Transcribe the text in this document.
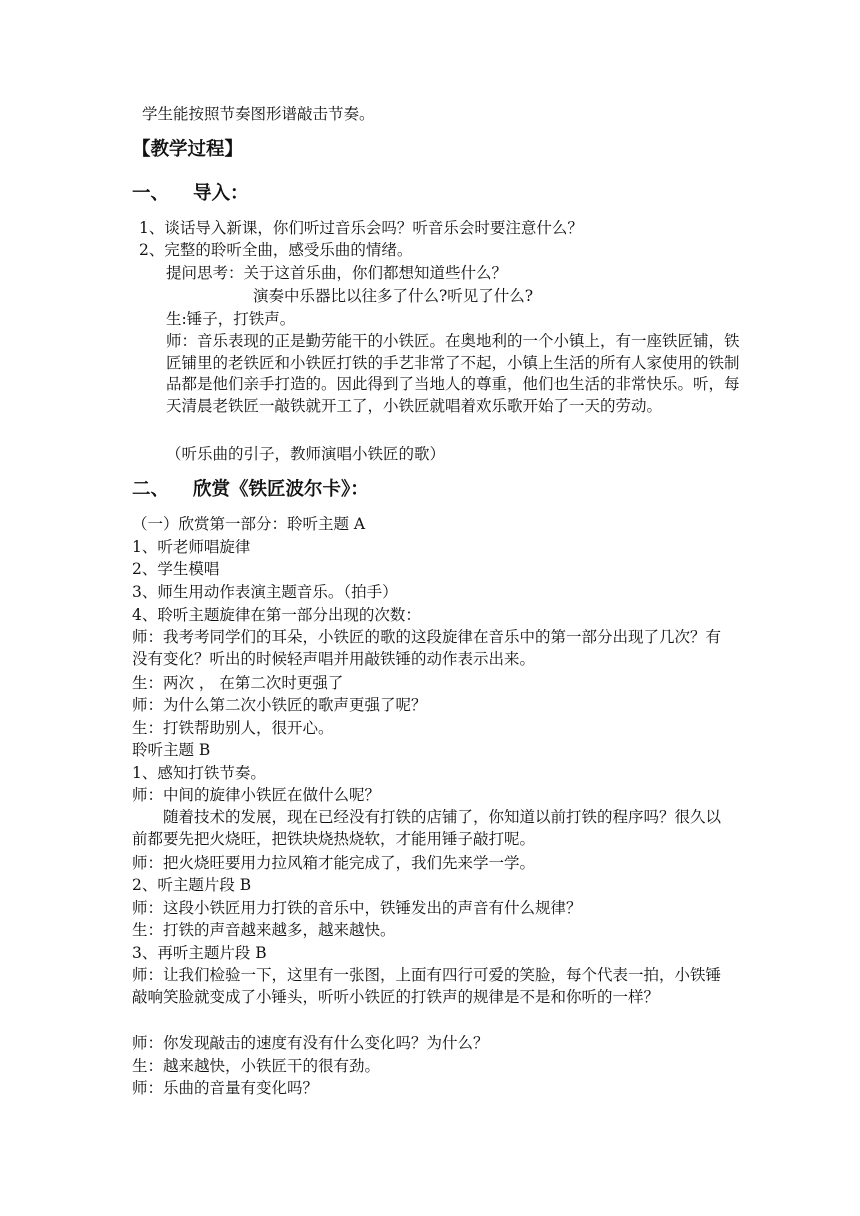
学生能按照节奏图形谱敲击节奏。
【教学过程】
一、 导入：
1、谈话导入新课，你们听过音乐会吗？听音乐会时要注意什么？
2、完整的聆听全曲，感受乐曲的情绪。
提问思考：关于这首乐曲，你们都想知道些什么？
演奏中乐器比以往多了什么?听见了什么?
生:锤子，打铁声。
师：音乐表现的正是勤劳能干的小铁匠。在奥地利的一个小镇上，有一座铁匠铺，铁匠铺里的老铁匠和小铁匠打铁的手艺非常了不起，小镇上生活的所有人家使用的铁制品都是他们亲手打造的。因此得到了当地人的尊重，他们也生活的非常快乐。听，每天清晨老铁匠一敲铁就开工了，小铁匠就唱着欢乐歌开始了一天的劳动。
（听乐曲的引子，教师演唱小铁匠的歌）
二、 欣赏《铁匠波尔卡》：
（一）欣赏第一部分：聆听主题 A
1、听老师唱旋律
2、学生模唱
3、师生用动作表演主题音乐。（拍手）
4、聆听主题旋律在第一部分出现的次数：
师：我考考同学们的耳朵，小铁匠的歌的这段旋律在音乐中的第一部分出现了几次？有没有变化？听出的时候轻声唱并用敲铁锤的动作表示出来。
生：两次 ， 在第二次时更强了
师：为什么第二次小铁匠的歌声更强了呢？
生：打铁帮助别人，很开心。
聆听主题 B
1、感知打铁节奏。
师：中间的旋律小铁匠在做什么呢？
随着技术的发展，现在已经没有打铁的店铺了，你知道以前打铁的程序吗？很久以前都要先把火烧旺，把铁块烧热烧软，才能用锤子敲打呢。
师：把火烧旺要用力拉风箱才能完成了，我们先来学一学。
2、听主题片段 B
师：这段小铁匠用力打铁的音乐中，铁锤发出的声音有什么规律？
生：打铁的声音越来越多，越来越快。
3、再听主题片段 B
师：让我们检验一下，这里有一张图，上面有四行可爱的笑脸，每个代表一拍，小铁锤敲响笑脸就变成了小锤头，听听小铁匠的打铁声的规律是不是和你听的一样？
师：你发现敲击的速度有没有什么变化吗？为什么？
生：越来越快，小铁匠干的很有劲。
师：乐曲的音量有变化吗？
